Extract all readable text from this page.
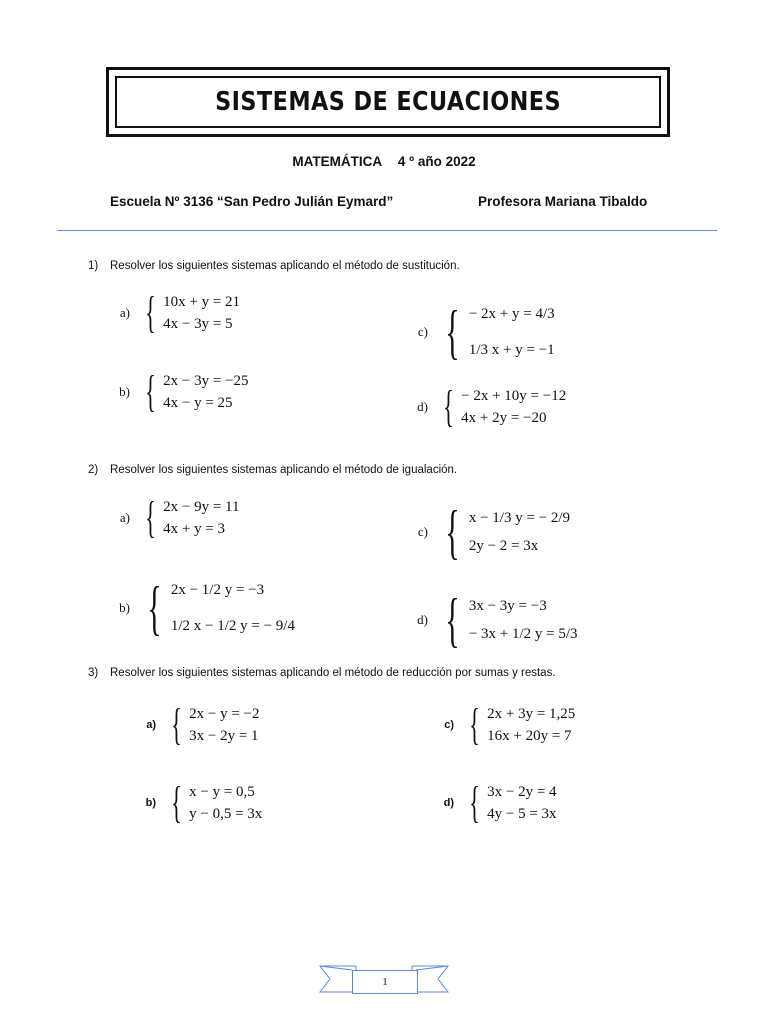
SISTEMAS DE ECUACIONES
MATEMÁTICA 4 º año 2022
Escuela Nº 3136 “San Pedro Julián Eymard”	Profesora Mariana Tibaldo
1) Resolver los siguientes sistemas aplicando el método de sustitución.
a) { 10x + y = 21
4x − 3y = 5
b) { 2x − 3y = −25
4x − y = 25
c) { − 2x + y = 4/3
1/3 x + y = −1
d) { − 2x + 10y = −12
4x + 2y = −20
2) Resolver los siguientes sistemas aplicando el método de igualación.
a) { 2x − 9y = 11
4x + y = 3
b) { 2x − 1/2 y = −3
1/2 x − 1/2 y = − 9/4
c) { x − 1/3 y = − 2/9
2y − 2 = 3x
d) { 3x − 3y = −3
− 3x + 1/2 y = 5/3
3) Resolver los siguientes sistemas aplicando el método de reducción por sumas y restas.
a) { 2x − y = −2
3x − 2y = 1
b) { x − y = 0,5
y − 0,5 = 3x
c) { 2x + 3y = 1,25
16x + 20y = 7
d) { 3x − 2y = 4
4y − 5 = 3x
1
